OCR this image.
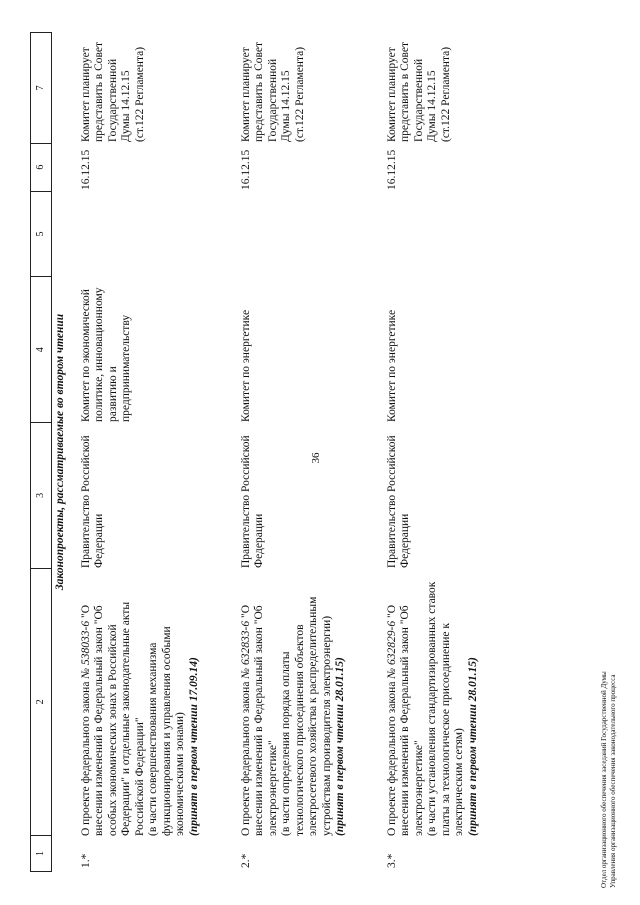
36
1
2
3
4
5
6
7
Законопроекты, рассматриваемые во втором чтении
1.*
О проекте федерального закона № 538033-6 "О внесении изменений в Федеральный закон "Об особых экономических зонах в Российской Федерации" и отдельные законодательные акты Российской Федерации"
(в части совершенствования механизма функционирования и управления особыми экономическими зонами)
(принят в первом чтении 17.09.14)
Правительство Российской Федерации
Комитет по экономической политике, инновационному развитию и предпринимательству
16.12.15
Комитет планирует представить в Совет Государственной Думы 14.12.15 (ст.122 Регламента)
2.*
О проекте федерального закона № 632833-6 "О внесении изменений в Федеральный закон "Об электроэнергетике"
(в части определения порядка оплаты технологического присоединения объектов электросетевого хозяйства к распределительным устройствам производителя электроэнергии)
(принят в первом чтении 28.01.15)
Правительство Российской Федерации
Комитет по энергетике
16.12.15
Комитет планирует представить в Совет Государственной Думы 14.12.15 (ст.122 Регламента)
3.*
О проекте федерального закона № 632829-6 "О внесении изменений в Федеральный закон "Об электроэнергетике"
(в части установления стандартизированных ставок платы за технологическое присоединение к электрическим сетям)
(принят в первом чтении 28.01.15)
Правительство Российской Федерации
Комитет по энергетике
16.12.15
Комитет планирует представить в Совет Государственной Думы 14.12.15 (ст.122 Регламента)
Отдел организационного обеспечения заседаний Государственной Думы Управления организационного обеспечения законодательного процесса
